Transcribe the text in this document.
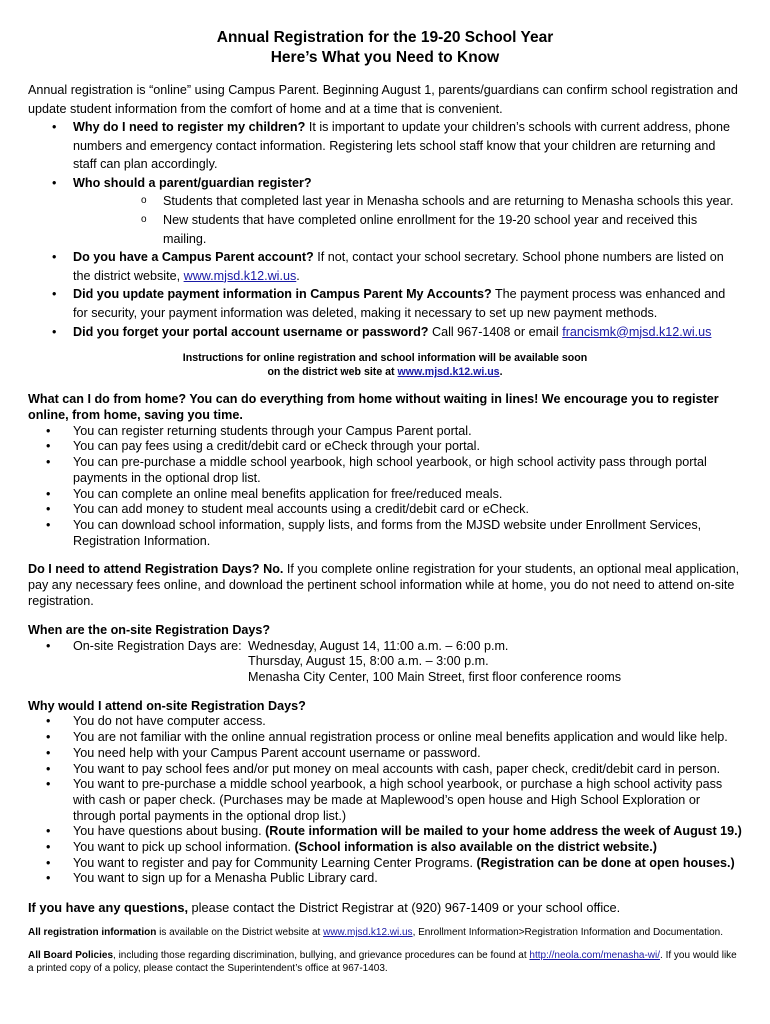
Annual Registration for the 19-20 School Year

Here’s What you Need to Know

Annual registration is “online” using Campus Parent. Beginning August 1, parents/guardians can confirm school registration and update student information from the comfort of home and at a time that is convenient.

• Why do I need to register my children? It is important to update your children’s schools with current address, phone numbers and emergency contact information. Registering lets school staff know that your children are returning and staff can plan accordingly.
• Who should a parent/guardian register?
o Students that completed last year in Menasha schools and are returning to Menasha schools this year.
o New students that have completed online enrollment for the 19-20 school year and received this mailing.
• Do you have a Campus Parent account? If not, contact your school secretary. School phone numbers are listed on the district website, www.mjsd.k12.wi.us.
• Did you update payment information in Campus Parent My Accounts? The payment process was enhanced and for security, your payment information was deleted, making it necessary to set up new payment methods.
• Did you forget your portal account username or password? Call 967-1408 or email francismk@mjsd.k12.wi.us

Instructions for online registration and school information will be available soon

on the district web site at www.mjsd.k12.wi.us.

What can I do from home? You can do everything from home without waiting in lines! We encourage you to register online, from home, saving you time.

• You can register returning students through your Campus Parent portal.
• You can pay fees using a credit/debit card or eCheck through your portal.
• You can pre-purchase a middle school yearbook, high school yearbook, or high school activity pass through portal payments in the optional drop list.
• You can complete an online meal benefits application for free/reduced meals.
• You can add money to student meal accounts using a credit/debit card or eCheck.
• You can download school information, supply lists, and forms from the MJSD website under Enrollment Services, Registration Information.

Do I need to attend Registration Days? No. If you complete online registration for your students, an optional meal application, pay any necessary fees online, and download the pertinent school information while at home, you do not need to attend on-site registration.

When are the on-site Registration Days?

• On-site Registration Days are: Wednesday, August 14, 11:00 a.m. – 6:00 p.m.
Thursday, August 15, 8:00 a.m. – 3:00 p.m.
Menasha City Center, 100 Main Street, first floor conference rooms

Why would I attend on-site Registration Days?

• You do not have computer access.
• You are not familiar with the online annual registration process or online meal benefits application and would like help.
• You need help with your Campus Parent account username or password.
• You want to pay school fees and/or put money on meal accounts with cash, paper check, credit/debit card in person.
• You want to pre-purchase a middle school yearbook, a high school yearbook, or purchase a high school activity pass with cash or paper check. (Purchases may be made at Maplewood’s open house and High School Exploration or through portal payments in the optional drop list.)
• You have questions about busing. (Route information will be mailed to your home address the week of August 19.)
• You want to pick up school information. (School information is also available on the district website.)
• You want to register and pay for Community Learning Center Programs. (Registration can be done at open houses.)
• You want to sign up for a Menasha Public Library card.

If you have any questions, please contact the District Registrar at (920) 967-1409 or your school office.

All registration information is available on the District website at www.mjsd.k12.wi.us, Enrollment Information>Registration Information and Documentation.

All Board Policies, including those regarding discrimination, bullying, and grievance procedures can be found at http://neola.com/menasha-wi/. If you would like a printed copy of a policy, please contact the Superintendent’s office at 967-1403.
